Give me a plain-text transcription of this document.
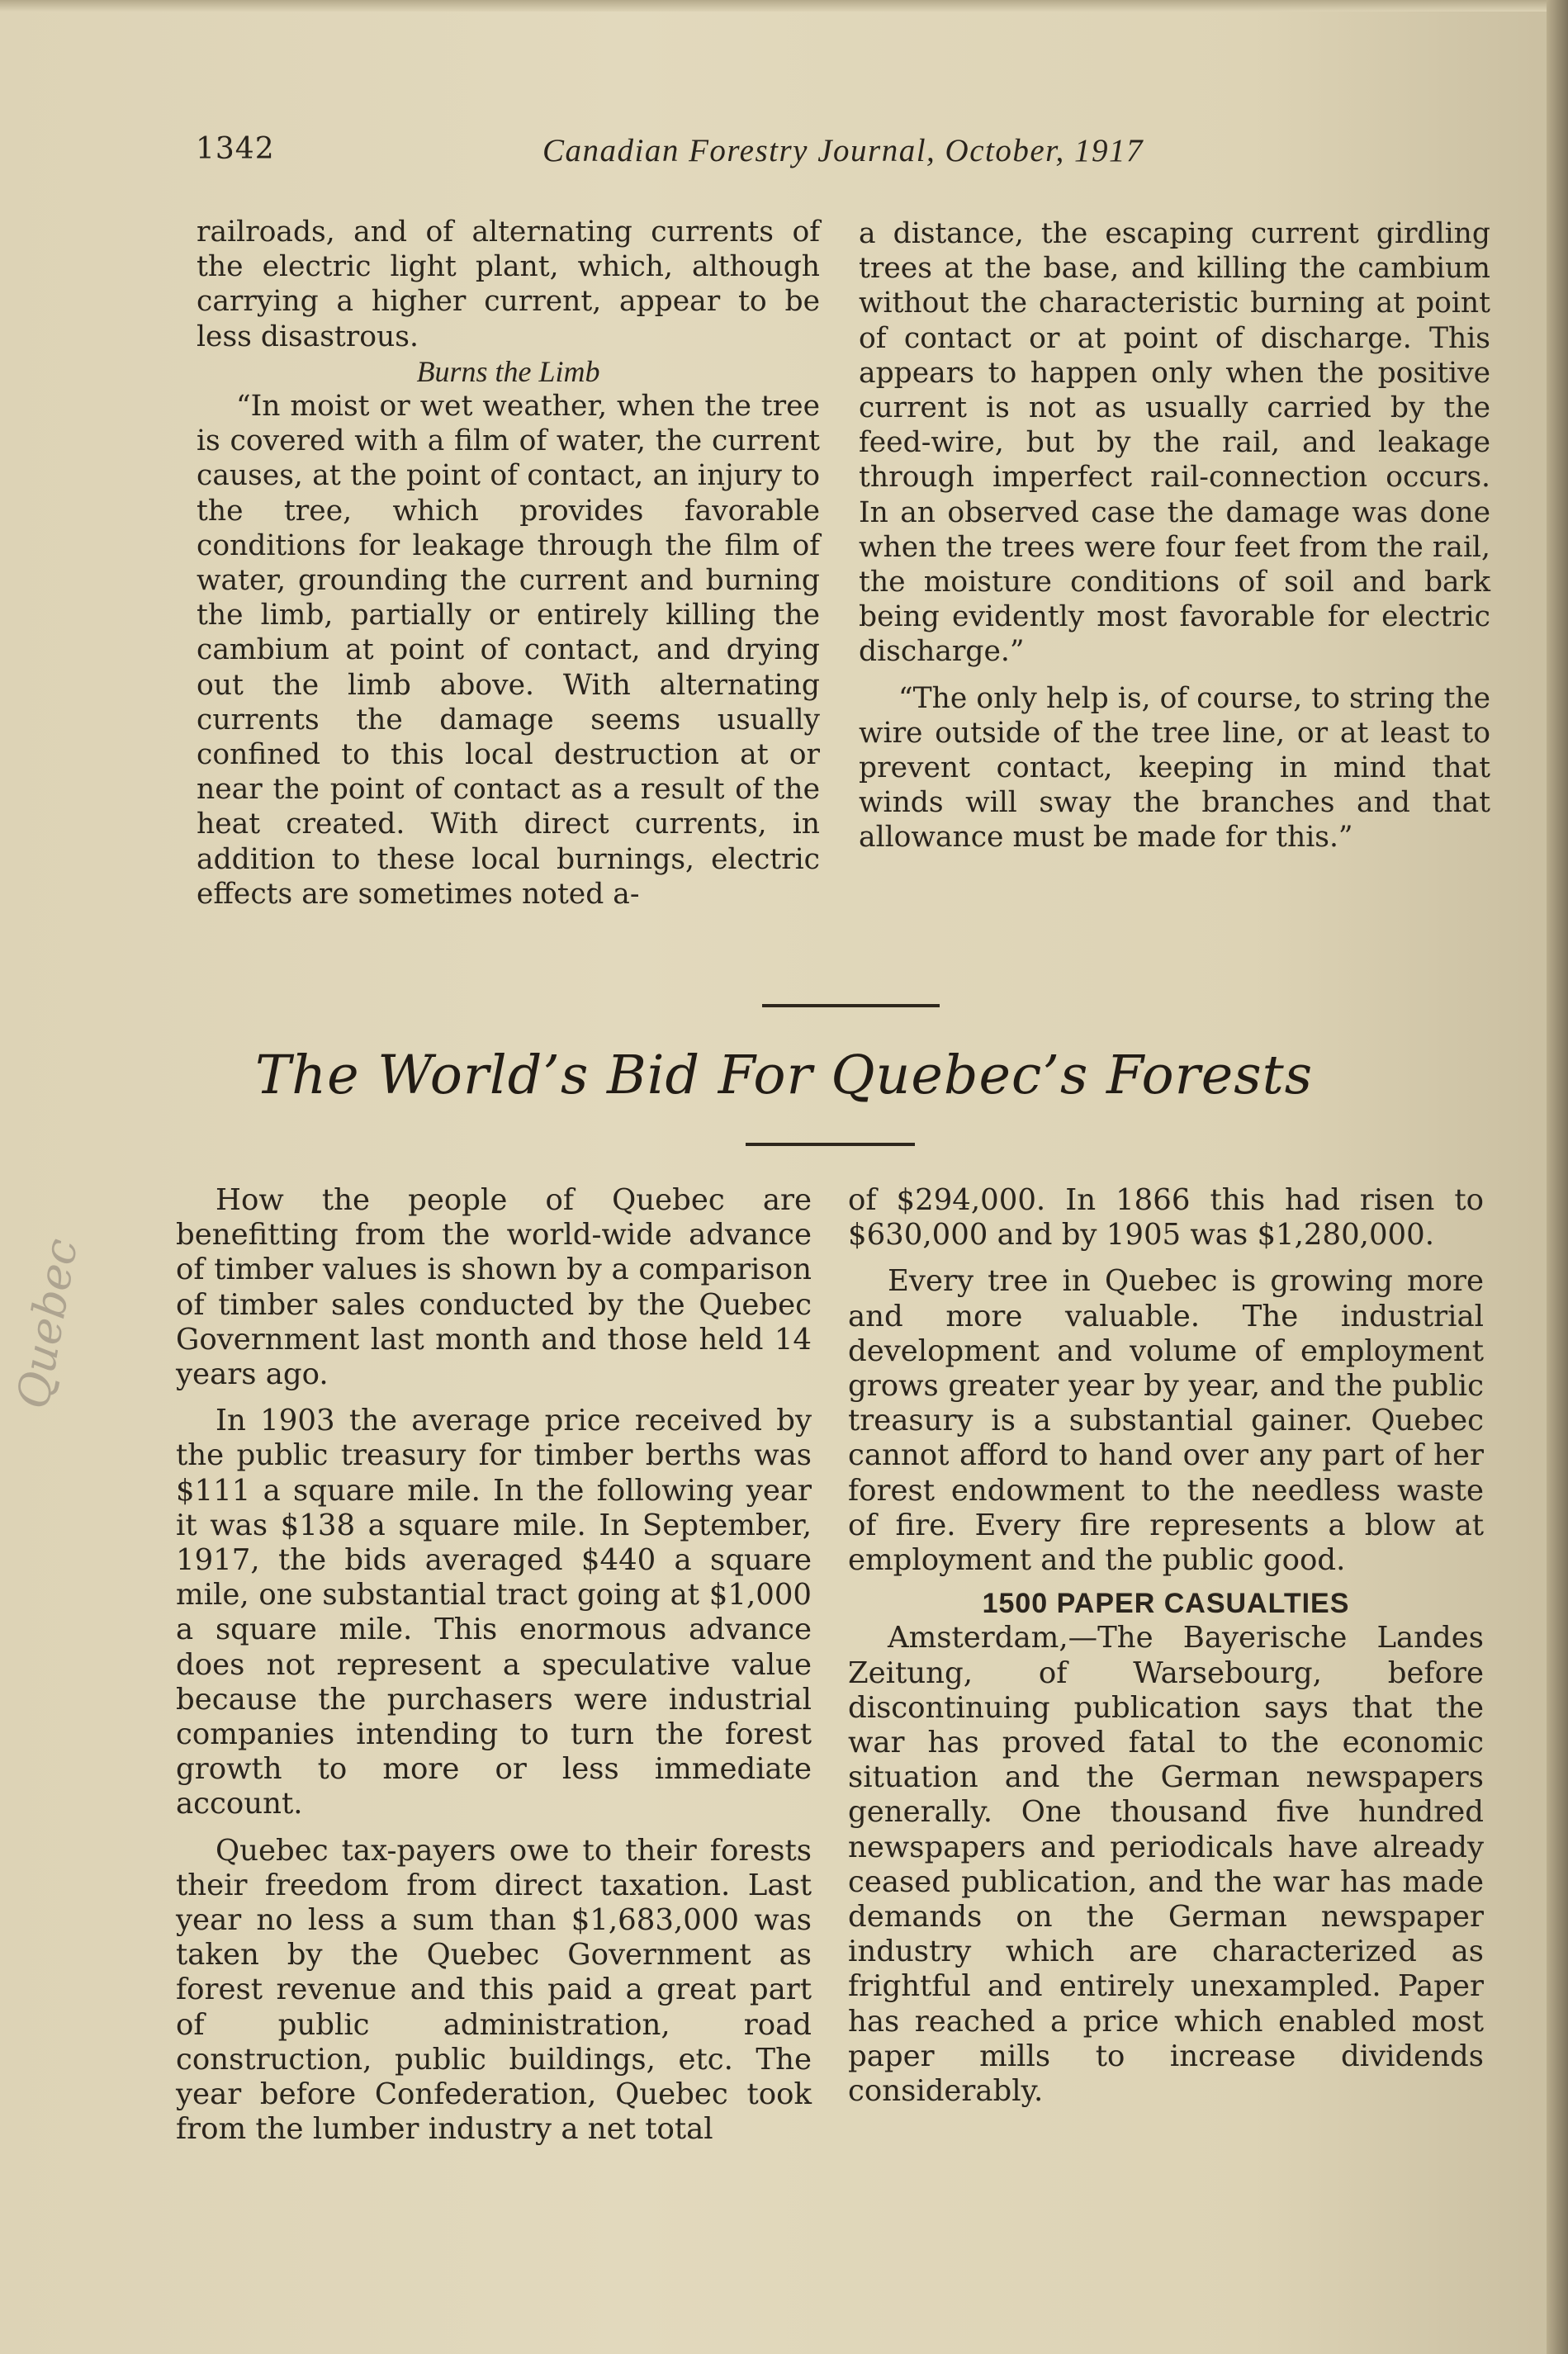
1342	Canadian Forestry Journal, October, 1917

railroads, and of alternating currents of the electric light plant, which, although carrying a higher current, appear to be less disastrous.

Burns the Limb

“In moist or wet weather, when the tree is covered with a film of water, the current causes, at the point of contact, an injury to the tree, which provides favorable conditions for leakage through the film of water, grounding the current and burning the limb, partially or entirely killing the cambium at point of contact, and drying out the limb above. With alternating currents the damage seems usually confined to this local destruction at or near the point of contact as a result of the heat created. With direct currents, in addition to these local burnings, electric effects are sometimes noted a-

a distance, the escaping current girdling trees at the base, and killing the cambium without the characteristic burning at point of contact or at point of discharge. This appears to happen only when the positive current is not as usually carried by the feed-wire, but by the rail, and leakage through imperfect rail-connection occurs. In an observed case the damage was done when the trees were four feet from the rail, the moisture conditions of soil and bark being evidently most favorable for electric discharge.”

“The only help is, of course, to string the wire outside of the tree line, or at least to prevent contact, keeping in mind that winds will sway the branches and that allowance must be made for this.”

The World’s Bid For Quebec’s Forests

How the people of Quebec are benefitting from the world-wide advance of timber values is shown by a comparison of timber sales conducted by the Quebec Government last month and those held 14 years ago.

In 1903 the average price received by the public treasury for timber berths was $111 a square mile. In the following year it was $138 a square mile. In September, 1917, the bids averaged $440 a square mile, one substantial tract going at $1,000 a square mile. This enormous advance does not represent a speculative value because the purchasers were industrial companies intending to turn the forest growth to more or less immediate account.

Quebec tax-payers owe to their forests their freedom from direct taxation. Last year no less a sum than $1,683,000 was taken by the Quebec Government as forest revenue and this paid a great part of public administration, road construction, public buildings, etc. The year before Confederation, Quebec took from the lumber industry a net total

of $294,000. In 1866 this had risen to $630,000 and by 1905 was $1,280,000.

Every tree in Quebec is growing more and more valuable. The industrial development and volume of employment grows greater year by year, and the public treasury is a substantial gainer. Quebec cannot afford to hand over any part of her forest endowment to the needless waste of fire. Every fire represents a blow at employment and the public good.

1500 PAPER CASUALTIES

Amsterdam,—The Bayerische Landes Zeitung, of Warsebourg, before discontinuing publication says that the war has proved fatal to the economic situation and the German newspapers generally. One thousand five hundred newspapers and periodicals have already ceased publication, and the war has made demands on the German newspaper industry which are characterized as frightful and entirely unexampled. Paper has reached a price which enabled most paper mills to increase dividends considerably.

Quebec
